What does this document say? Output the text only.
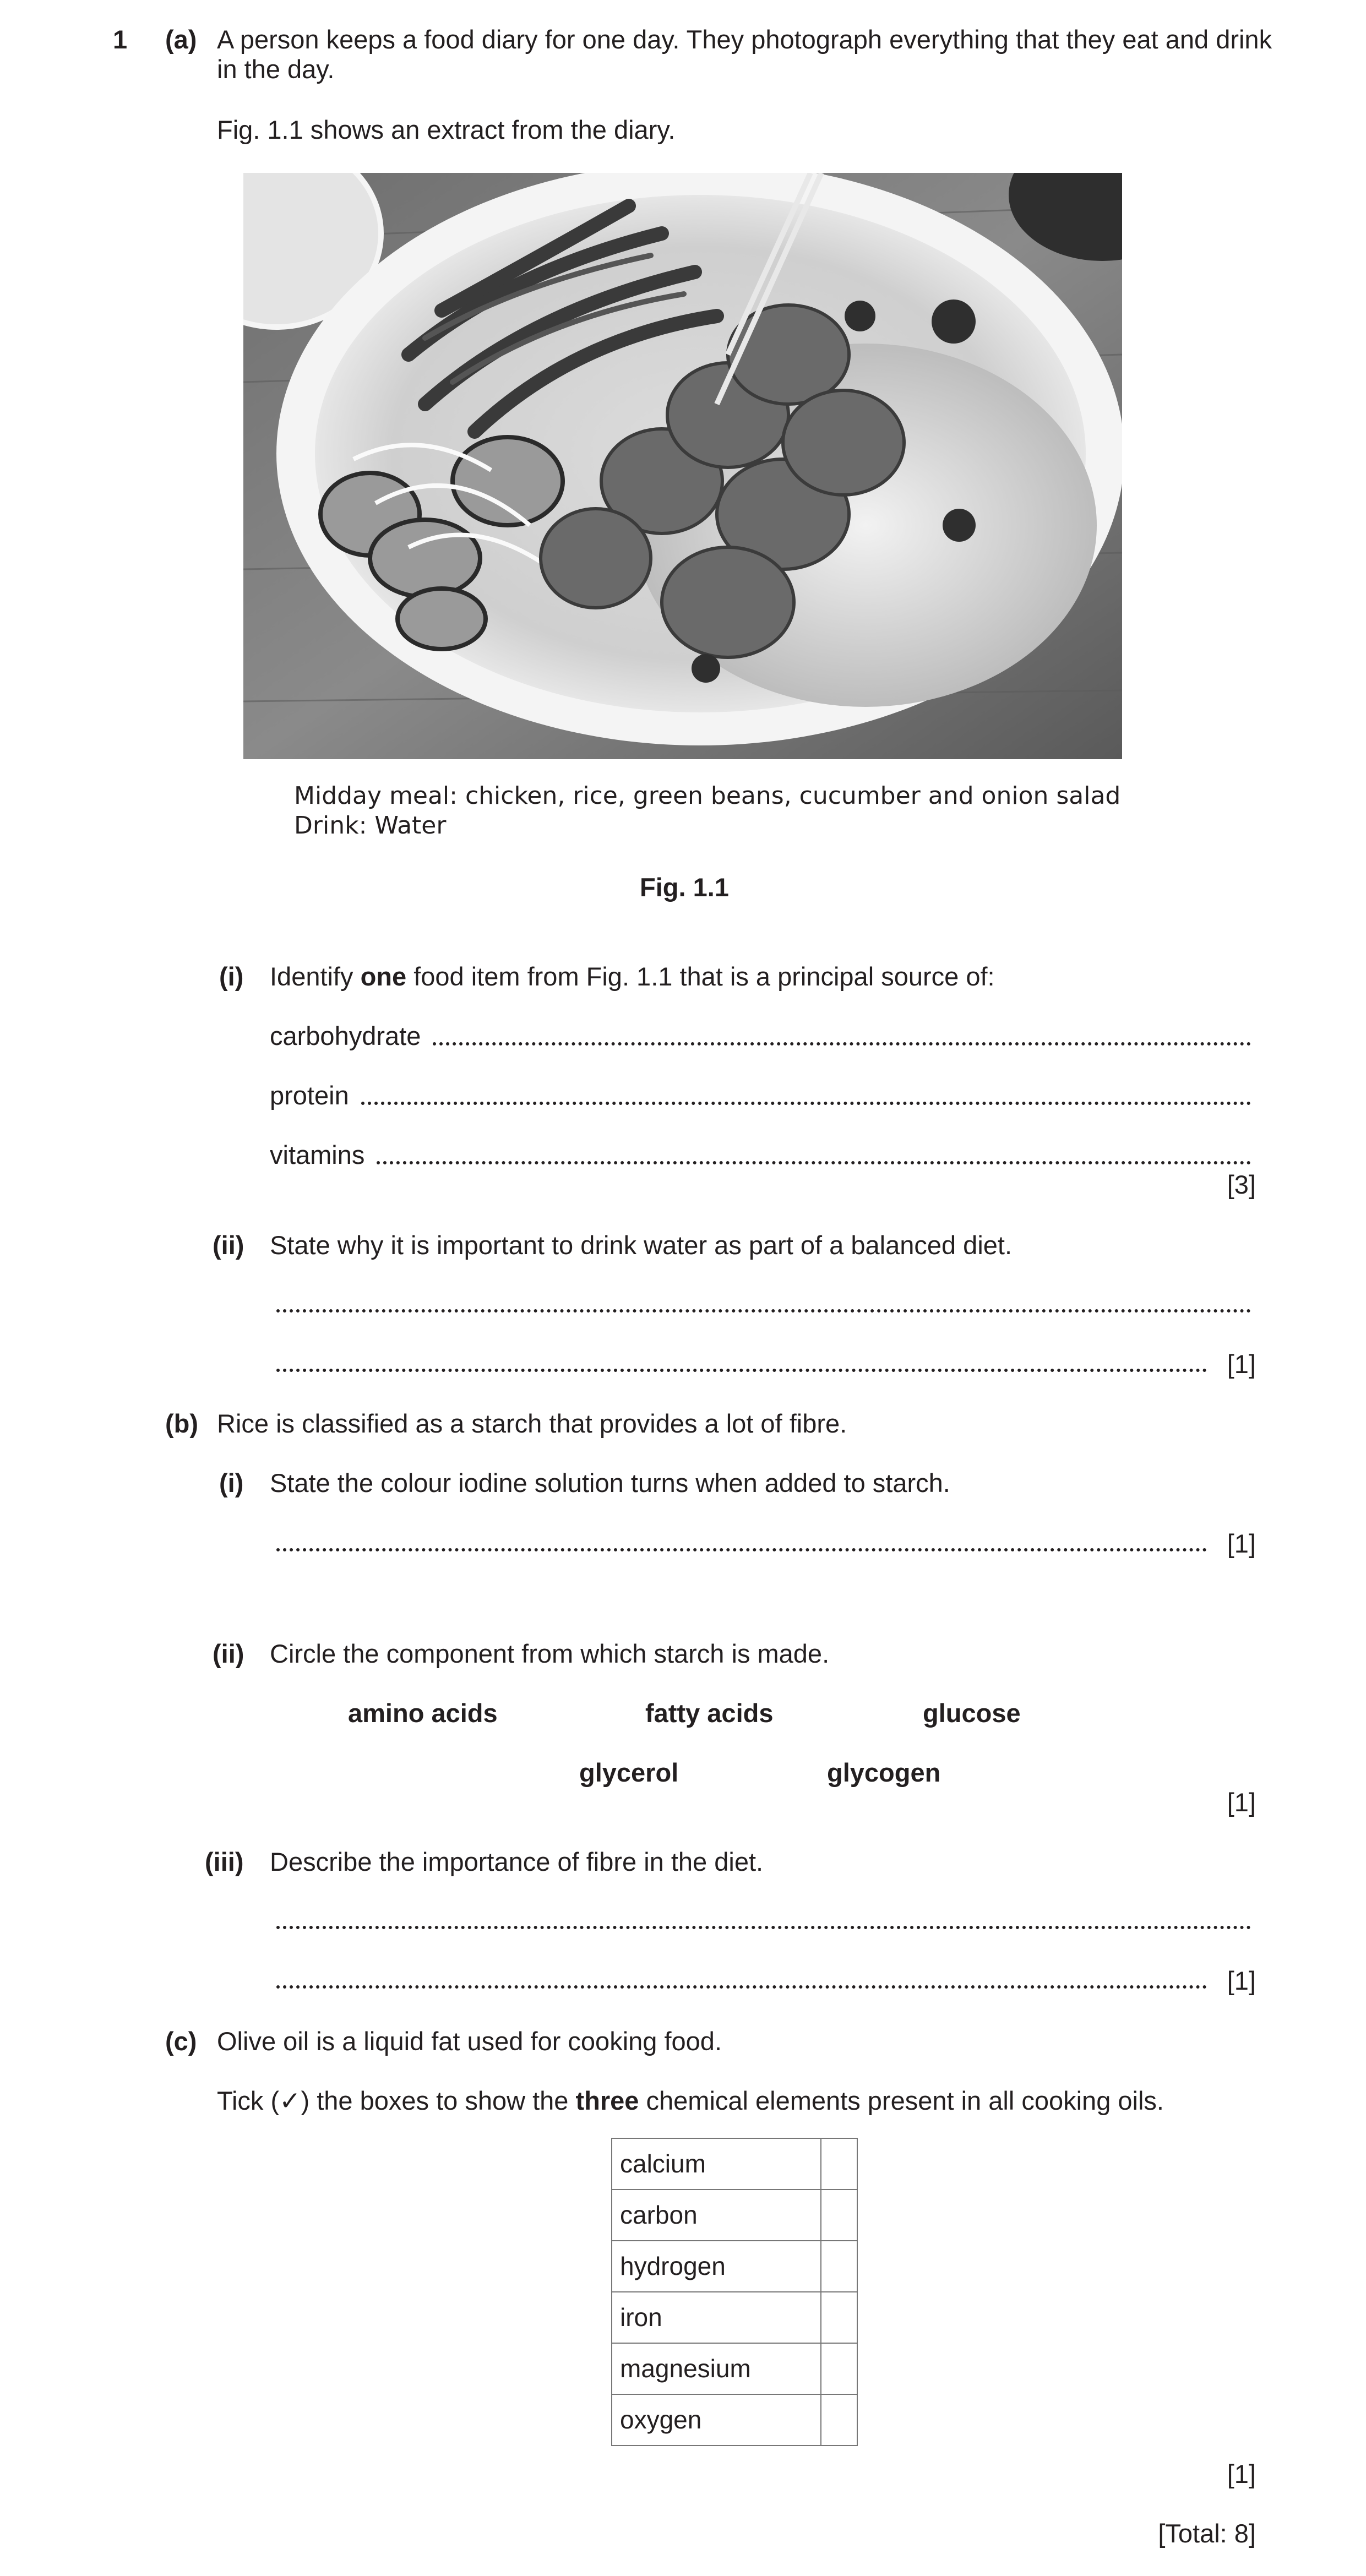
1 (a) A person keeps a food diary for one day. They photograph everything that they eat and drink
in the day.
Fig. 1.1 shows an extract from the diary.
Midday meal: chicken, rice, green beans, cucumber and onion salad
Drink: Water
Fig. 1.1
(i) Identify one food item from Fig. 1.1 that is a principal source of:
carbohydrate
protein
vitamins
[3]
(ii) State why it is important to drink water as part of a balanced diet.
[1]
(b) Rice is classified as a starch that provides a lot of fibre.
(i) State the colour iodine solution turns when added to starch.
[1]
(ii) Circle the component from which starch is made.
amino acids	fatty acids	glucose
glycerol	glycogen
[1]
(iii) Describe the importance of fibre in the diet.
[1]
(c) Olive oil is a liquid fat used for cooking food.
Tick (✓) the boxes to show the three chemical elements present in all cooking oils.
calcium	
carbon	
hydrogen	
iron	
magnesium	
oxygen	
[1]
[Total: 8]
